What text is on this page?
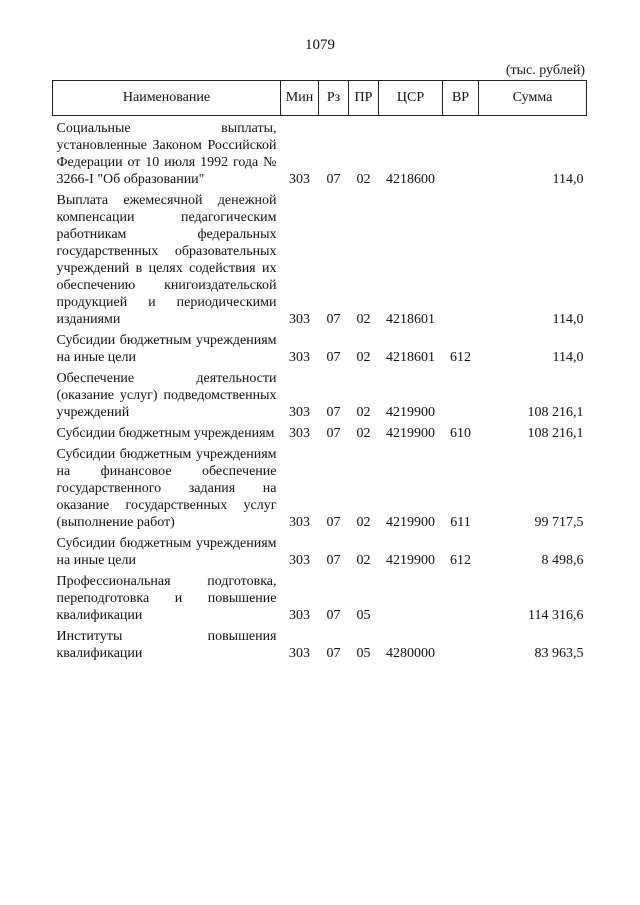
1079
(тыс. рублей)
Наименование	Мин	Рз	ПР	ЦСР	ВР	Сумма
Социальные выплаты, установленные Законом Российской Федерации от 10 июля 1992 года № 3266-I "Об образовании"	303	07	02	4218600		114,0
Выплата ежемесячной денежной компенсации педагогическим работникам федеральных государственных образовательных учреждений в целях содействия их обеспечению книгоиздательской продукцией и периодическими изданиями	303	07	02	4218601		114,0
Субсидии бюджетным учреждениям на иные цели	303	07	02	4218601	612	114,0
Обеспечение деятельности (оказание услуг) подведомственных учреждений	303	07	02	4219900		108 216,1
Субсидии бюджетным учреждениям	303	07	02	4219900	610	108 216,1
Субсидии бюджетным учреждениям на финансовое обеспечение государственного задания на оказание государственных услуг (выполнение работ)	303	07	02	4219900	611	99 717,5
Субсидии бюджетным учреждениям на иные цели	303	07	02	4219900	612	8 498,6
Профессиональная подготовка, переподготовка и повышение квалификации	303	07	05			114 316,6
Институты повышения квалификации	303	07	05	4280000		83 963,5
